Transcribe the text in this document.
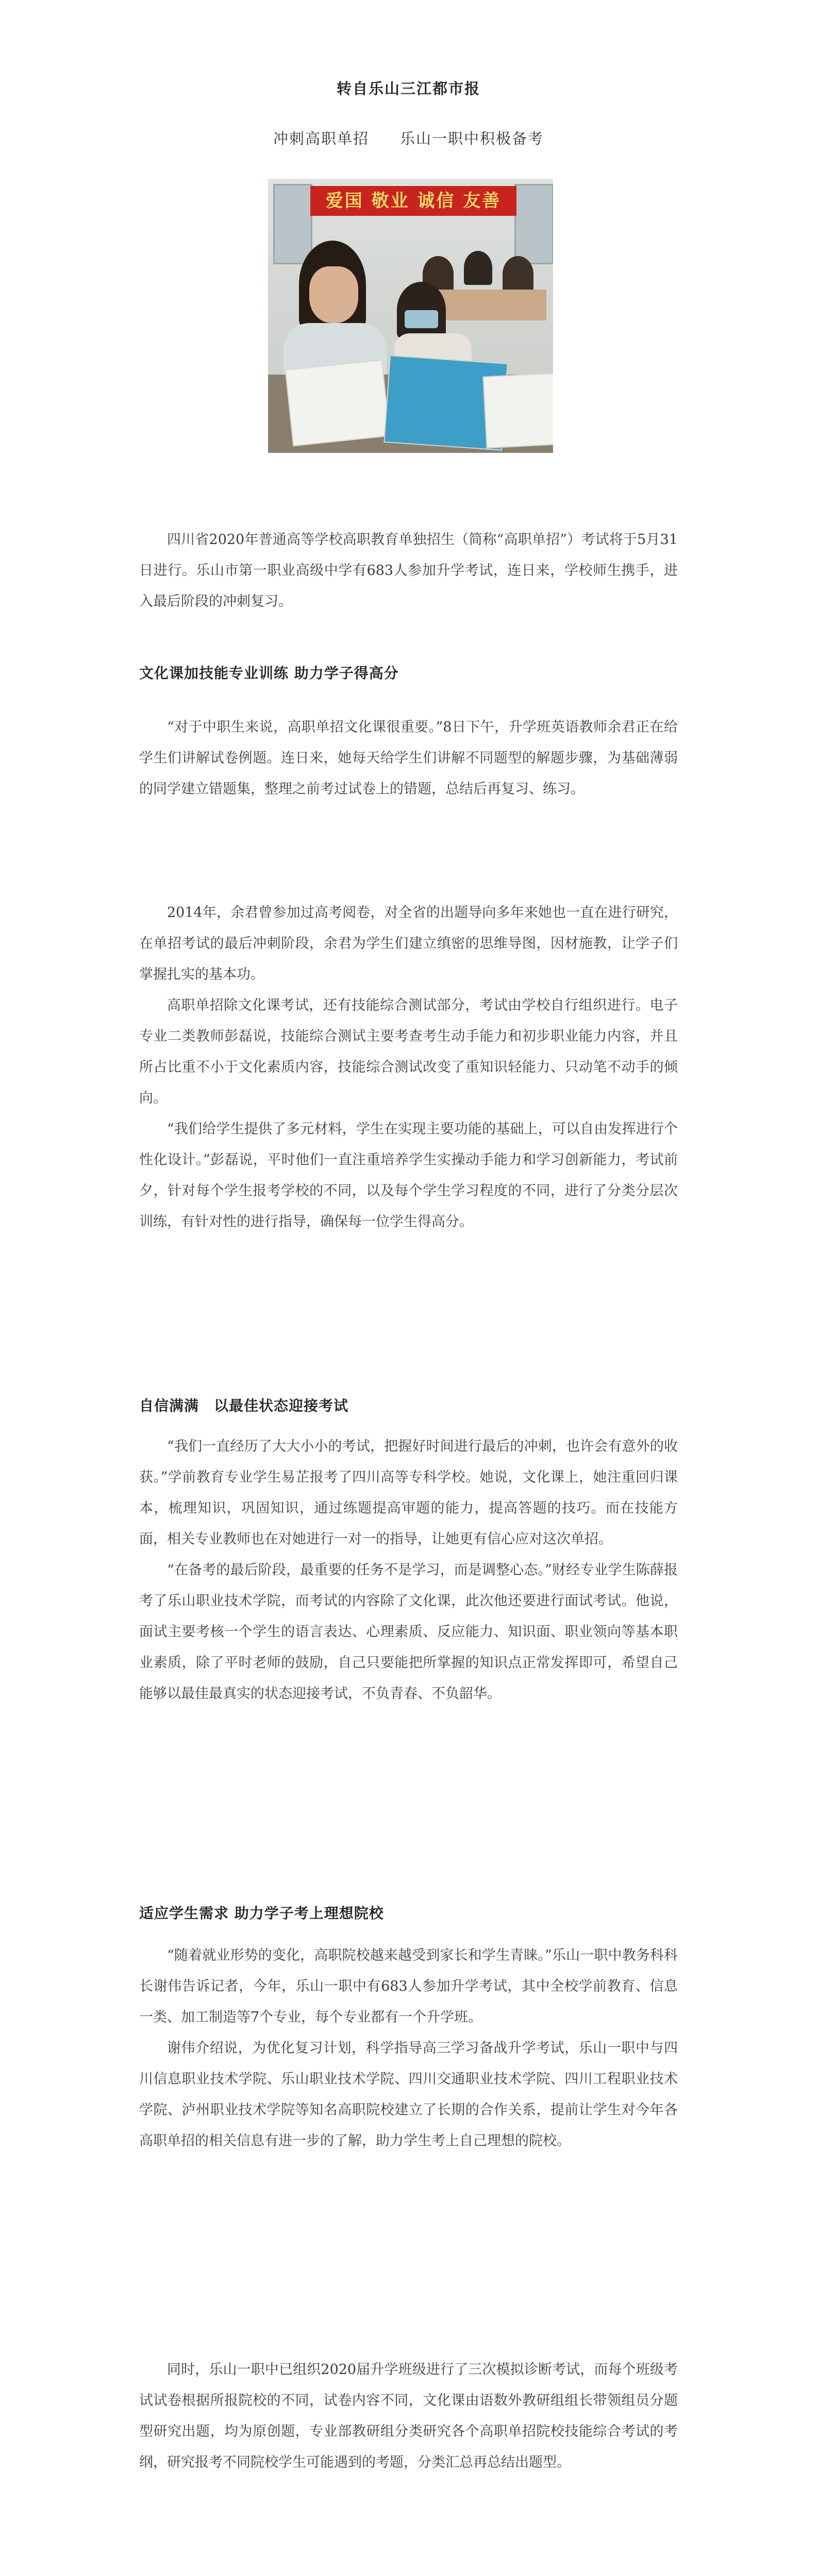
转自乐山三江都市报
冲刺高职单招 乐山一职中积极备考
爱国 敬业 诚信 友善

四川省2020年普通高等学校高职教育单独招生（简称“高职单招”）考试将于5月31日进行。乐山市第一职业高级中学有683人参加升学考试，连日来，学校师生携手，进入最后阶段的冲刺复习。

文化课加技能专业训练 助力学子得高分

“对于中职生来说，高职单招文化课很重要。”8日下午，升学班英语教师余君正在给学生们讲解试卷例题。连日来，她每天给学生们讲解不同题型的解题步骤，为基础薄弱的同学建立错题集，整理之前考过试卷上的错题，总结后再复习、练习。

2014年，余君曾参加过高考阅卷，对全省的出题导向多年来她也一直在进行研究，在单招考试的最后冲刺阶段，余君为学生们建立缜密的思维导图，因材施教，让学子们掌握扎实的基本功。

高职单招除文化课考试，还有技能综合测试部分，考试由学校自行组织进行。电子专业二类教师彭磊说，技能综合测试主要考查考生动手能力和初步职业能力内容，并且所占比重不小于文化素质内容，技能综合测试改变了重知识轻能力、只动笔不动手的倾向。

“我们给学生提供了多元材料，学生在实现主要功能的基础上，可以自由发挥进行个性化设计。”彭磊说，平时他们一直注重培养学生实操动手能力和学习创新能力，考试前夕，针对每个学生报考学校的不同，以及每个学生学习程度的不同，进行了分类分层次训练，有针对性的进行指导，确保每一位学生得高分。

自信满满　以最佳状态迎接考试

“我们一直经历了大大小小的考试，把握好时间进行最后的冲刺，也许会有意外的收获。”学前教育专业学生易芷报考了四川高等专科学校。她说，文化课上，她注重回归课本，梳理知识，巩固知识，通过练题提高审题的能力，提高答题的技巧。而在技能方面，相关专业教师也在对她进行一对一的指导，让她更有信心应对这次单招。

“在备考的最后阶段，最重要的任务不是学习，而是调整心态。”财经专业学生陈薛报考了乐山职业技术学院，而考试的内容除了文化课，此次他还要进行面试考试。他说，面试主要考核一个学生的语言表达、心理素质、反应能力、知识面、职业领向等基本职业素质，除了平时老师的鼓励，自己只要能把所掌握的知识点正常发挥即可，希望自己能够以最佳最真实的状态迎接考试，不负青春、不负韶华。

适应学生需求 助力学子考上理想院校

“随着就业形势的变化，高职院校越来越受到家长和学生青睐。”乐山一职中教务科科长谢伟告诉记者，今年，乐山一职中有683人参加升学考试，其中全校学前教育、信息一类、加工制造等7个专业，每个专业都有一个升学班。

谢伟介绍说，为优化复习计划，科学指导高三学习备战升学考试，乐山一职中与四川信息职业技术学院、乐山职业技术学院、四川交通职业技术学院、四川工程职业技术学院、泸州职业技术学院等知名高职院校建立了长期的合作关系，提前让学生对今年各高职单招的相关信息有进一步的了解，助力学生考上自己理想的院校。

同时，乐山一职中已组织2020届升学班级进行了三次模拟诊断考试，而每个班级考试试卷根据所报院校的不同，试卷内容不同，文化课由语数外教研组组长带领组员分题型研究出题，均为原创题，专业部教研组分类研究各个高职单招院校技能综合考试的考纲，研究报考不同院校学生可能遇到的考题，分类汇总再总结出题型。
